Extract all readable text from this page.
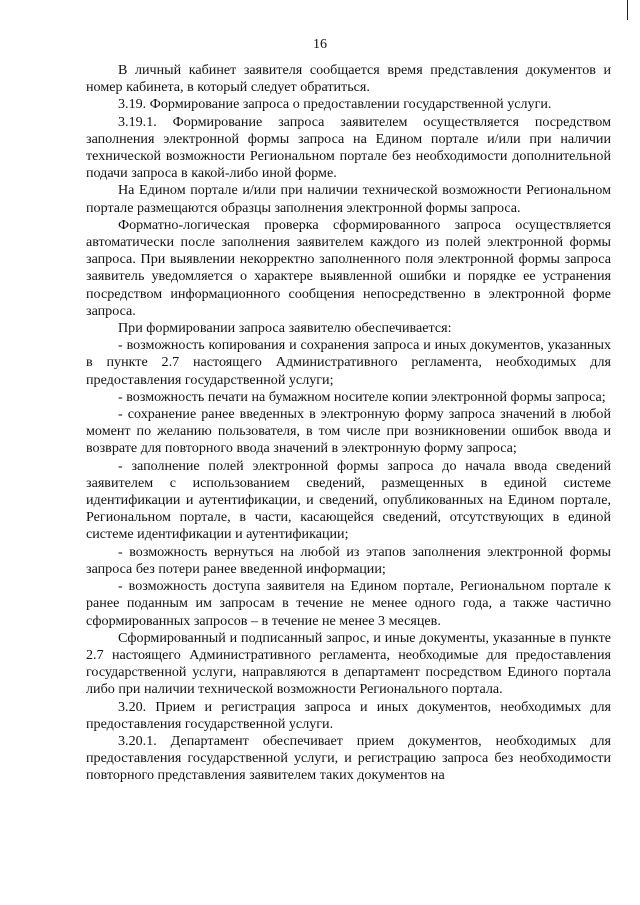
16

В личный кабинет заявителя сообщается время представления документов и номер кабинета, в который следует обратиться.

3.19. Формирование запроса о предоставлении государственной услуги.

3.19.1. Формирование запроса заявителем осуществляется посредством заполнения электронной формы запроса на Едином портале и/или при наличии технической возможности Региональном портале без необходимости дополнительной подачи запроса в какой-либо иной форме.

На Едином портале и/или при наличии технической возможности Региональном портале размещаются образцы заполнения электронной формы запроса.

Форматно-логическая проверка сформированного запроса осуществляется автоматически после заполнения заявителем каждого из полей электронной формы запроса. При выявлении некорректно заполненного поля электронной формы запроса заявитель уведомляется о характере выявленной ошибки и порядке ее устранения посредством информационного сообщения непосредственно в электронной форме запроса.

При формировании запроса заявителю обеспечивается:

- возможность копирования и сохранения запроса и иных документов, указанных в пункте 2.7 настоящего Административного регламента, необходимых для предоставления государственной услуги;

- возможность печати на бумажном носителе копии электронной формы запроса;

- сохранение ранее введенных в электронную форму запроса значений в любой момент по желанию пользователя, в том числе при возникновении ошибок ввода и возврате для повторного ввода значений в электронную форму запроса;

- заполнение полей электронной формы запроса до начала ввода сведений заявителем с использованием сведений, размещенных в единой системе идентификации и аутентификации, и сведений, опубликованных на Едином портале, Региональном портале, в части, касающейся сведений, отсутствующих в единой системе идентификации и аутентификации;

- возможность вернуться на любой из этапов заполнения электронной формы запроса без потери ранее введенной информации;

- возможность доступа заявителя на Едином портале, Региональном портале к ранее поданным им запросам в течение не менее одного года, а также частично сформированных запросов – в течение не менее 3 месяцев.

Сформированный и подписанный запрос, и иные документы, указанные в пункте 2.7 настоящего Административного регламента, необходимые для предоставления государственной услуги, направляются в департамент посредством Единого портала либо при наличии технической возможности Регионального портала.

3.20. Прием и регистрация запроса и иных документов, необходимых для предоставления государственной услуги.

3.20.1. Департамент обеспечивает прием документов, необходимых для предоставления государственной услуги, и регистрацию запроса без необходимости повторного представления заявителем таких документов на
